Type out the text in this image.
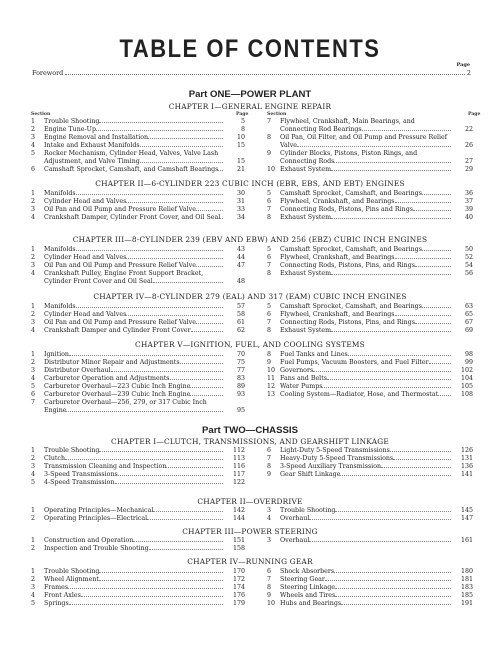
TABLE OF CONTENTS
Page
Foreword	2
Part ONE—POWER PLANT
CHAPTER I—GENERAL ENGINE REPAIR
Section	Page	Section	Page
1	Trouble Shooting	5
2	Engine Tune-Up	8
3	Engine Removal and Installation	10
4	Intake and Exhaust Manifolds	15
5	Rocker Mechanism, Cylinder Head, Valves, Valve Lash Adjustment, and Valve Timing	15
6	Camshaft Sprocket, Camshaft, and Camshaft Bearings	21
7	Flywheel, Crankshaft, Main Bearings, and Connecting Rod Bearings	22
8	Oil Pan, Oil Filter, and Oil Pump and Pressure Relief Valve	26
9	Cylinder Blocks, Pistons, Piston Rings, and Connecting Rods	27
10 Exhaust System	29
CHAPTER II—6-CYLINDER 223 CUBIC INCH (EBR, EBS, AND EBT) ENGINES
1	Manifolds	30
2	Cylinder Head and Valves	31
3	Oil Pan and Oil Pump and Pressure Relief Valve	33
4	Crankshaft Damper, Cylinder Front Cover, and Oil Seal	34
5	Camshaft Sprocket, Camshaft, and Bearings	36
6	Flywheel, Crankshaft, and Bearings	37
7	Connecting Rods, Pistons, Pins and Rings	39
8	Exhaust System	40
CHAPTER III—8-CYLINDER 239 (EBV AND EBW) AND 256 (EBZ) CUBIC INCH ENGINES
1	Manifolds	43
2	Cylinder Head and Valves	44
3	Oil Pan and Oil Pump and Pressure Relief Valve	47
4	Crankshaft Pulley, Engine Front Support Bracket, Cylinder Front Cover and Oil Seal	48
5	Camshaft Sprocket, Camshaft, and Bearings	50
6	Flywheel, Crankshaft, and Bearings	52
7	Connecting Rods, Pistons, Pins, and Rings	54
8	Exhaust System	56
CHAPTER IV—8-CYLINDER 279 (EAL) AND 317 (EAM) CUBIC INCH ENGINES
1	Manifolds	57
2	Cylinder Head and Valves	58
3	Oil Pan and Oil Pump and Pressure Relief Valve	61
4	Crankshaft Damper and Cylinder Front Cover	62
5	Camshaft Sprocket, Camshaft, and Bearings	63
6	Flywheel, Crankshaft, and Bearings	65
7	Connecting Rods, Pistons, Pins, and Rings	67
8	Exhaust System	69
CHAPTER V—IGNITION, FUEL, AND COOLING SYSTEMS
1	Ignition	70
2	Distributor Minor Repair and Adjustments	75
3	Distributor Overhaul	77
4	Carburetor Operation and Adjustments	83
5	Carburetor Overhaul—223 Cubic Inch Engine	89
6	Carburetor Overhaul—239 Cubic Inch Engine	93
7	Carburetor Overhaul—256, 279, or 317 Cubic Inch Engine	95
8	Fuel Tanks and Lines	98
9	Fuel Pumps, Vacuum Boosters, and Fuel Filter	99
10 Governors	102
11 Fans and Belts	104
12 Water Pumps	105
13 Cooling System—Radiator, Hose, and Thermostat	108
Part TWO—CHASSIS
CHAPTER I—CLUTCH, TRANSMISSIONS, AND GEARSHIFT LINKAGE
1	Trouble Shooting	112
2	Clutch	113
3	Transmission Cleaning and Inspection	116
4	3-Speed Transmissions	117
5	4-Speed Transmission	122
6	Light-Duty 5-Speed Transmissions	126
7	Heavy-Duty 5-Speed Transmissions	131
8	3-Speed Auxiliary Transmission	136
9	Gear Shift Linkage	141
CHAPTER II—OVERDRIVE
1	Operating Principles—Mechanical	142
2	Operating Principles—Electrical	144
3	Trouble Shooting	145
4	Overhaul	147
CHAPTER III—POWER STEERING
1	Construction and Operation	151
2	Inspection and Trouble Shooting	158
3	Overhaul	161
CHAPTER IV—RUNNING GEAR
1	Trouble Shooting	170
2	Wheel Alignment	172
3	Frames	174
4	Front Axles	176
5	Springs	179
6	Shock Absorbers	180
7	Steering Gear	181
8	Steering Linkage	183
9	Wheels and Tires	185
10 Hubs and Bearings	191
